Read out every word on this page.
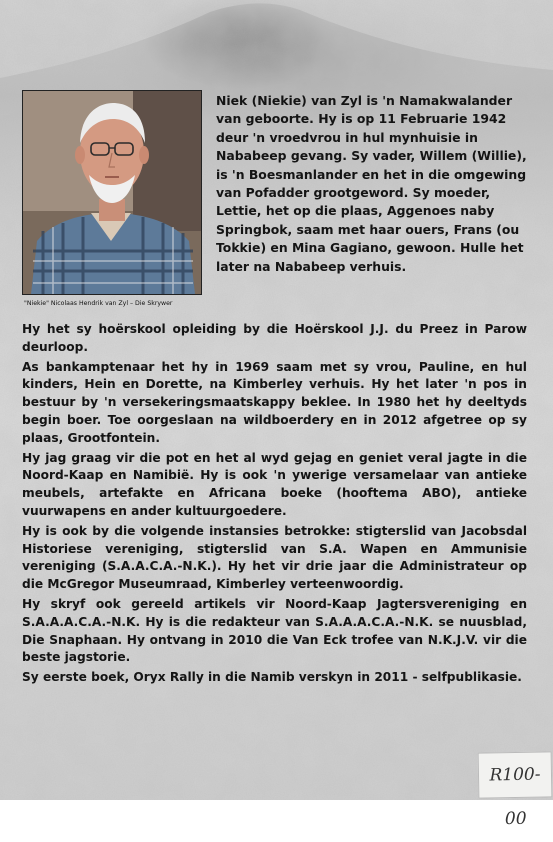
"Niekie" Nicolaas Hendrik van Zyl – Die Skrywer

Niek (Niekie) van Zyl is 'n Namakwalander van geboorte. Hy is op 11 Februarie 1942 deur 'n vroedvrou in hul mynhuisie in Nababeep gevang. Sy vader, Willem (Willie), is 'n Boesmanlander en het in die omgewing van Pofadder grootgeword. Sy moeder, Lettie, het op die plaas, Aggenoes naby Springbok, saam met haar ouers, Frans (ou Tokkie) en Mina Gagiano, gewoon. Hulle het later na Nababeep verhuis.

Hy het sy hoërskool opleiding by die Hoërskool J.J. du Preez in Parow deurloop.

As bankamptenaar het hy in 1969 saam met sy vrou, Pauline, en hul kinders, Hein en Dorette, na Kimberley verhuis. Hy het later 'n pos in bestuur by 'n versekeringsmaatskappy beklee. In 1980 het hy deeltyds begin boer. Toe oorgeslaan na wildboerdery en in 2012 afgetree op sy plaas, Grootfontein.

Hy jag graag vir die pot en het al wyd gejag en geniet veral jagte in die Noord-Kaap en Namibië. Hy is ook 'n ywerige versamelaar van antieke meubels, artefakte en Africana boeke (hooftema ABO), antieke vuurwapens en ander kultuurgoedere.

Hy is ook by die volgende instansies betrokke: stigterslid van Jacobsdal Historiese vereniging, stigterslid van S.A. Wapen en Ammunisie vereniging (S.A.A.C.A.-N.K.). Hy het vir drie jaar die Administrateur op die McGregor Museumraad, Kimberley verteenwoordig.

Hy skryf ook gereeld artikels vir Noord-Kaap Jagtersvereniging en S.A.A.A.C.A.-N.K. Hy is die redakteur van S.A.A.A.C.A.-N.K. se nuusblad, Die Snaphaan. Hy ontvang in 2010 die Van Eck trofee van N.K.J.V. vir die beste jagstorie.

Sy eerste boek, Oryx Rally in die Namib verskyn in 2011 - selfpublikasie.

R100-00
